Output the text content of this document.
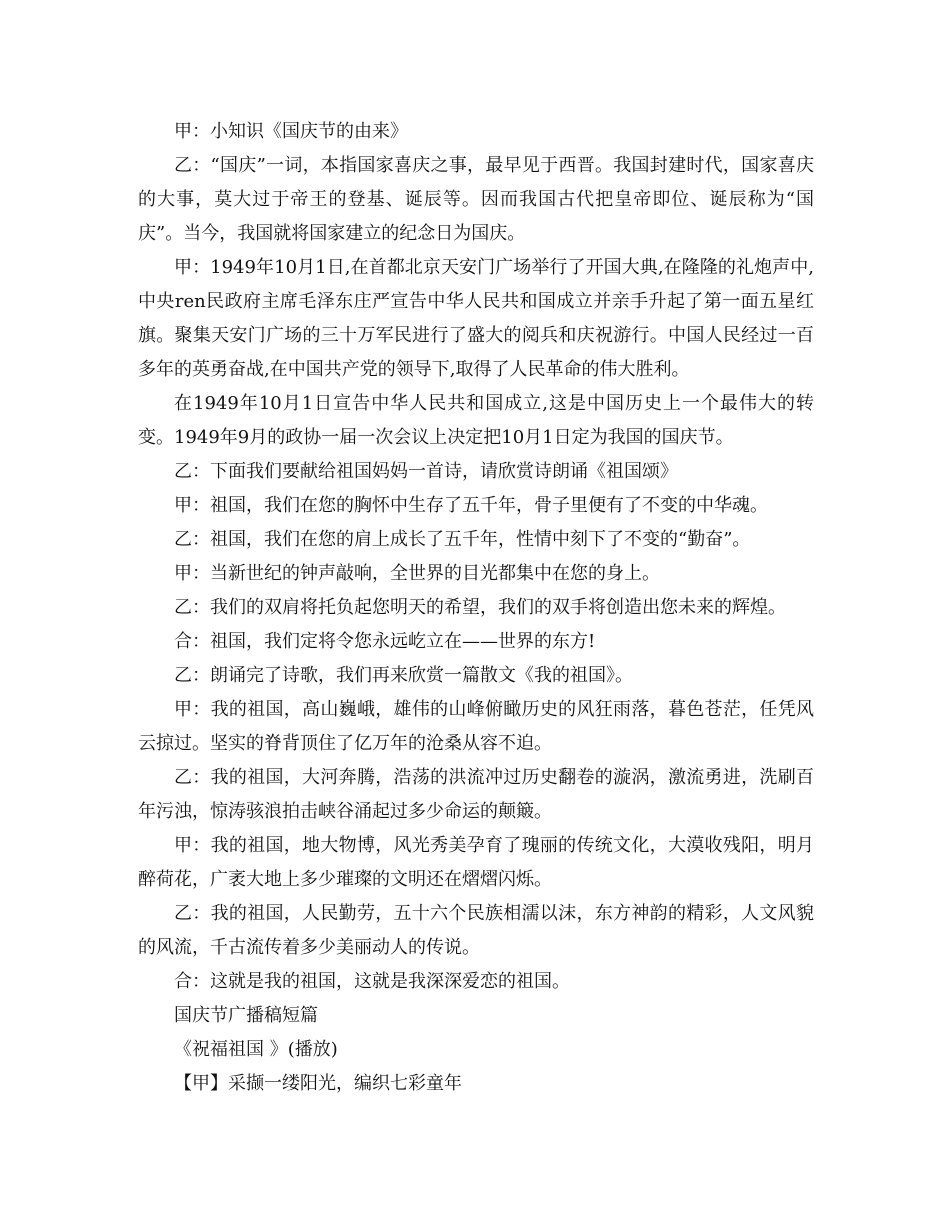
甲：小知识《国庆节的由来》

乙：“国庆”一词，本指国家喜庆之事，最早见于西晋。我国封建时代，国家喜庆的大事，莫大过于帝王的登基、诞辰等。因而我国古代把皇帝即位、诞辰称为“国庆”。当今，我国就将国家建立的纪念日为国庆。

甲：1949年10月1日,在首都北京天安门广场举行了开国大典,在隆隆的礼炮声中,中央ren民政府主席毛泽东庄严宣告中华人民共和国成立并亲手升起了第一面五星红旗。聚集天安门广场的三十万军民进行了盛大的阅兵和庆祝游行。中国人民经过一百多年的英勇奋战,在中国共产党的领导下,取得了人民革命的伟大胜利。

在1949年10月1日宣告中华人民共和国成立,这是中国历史上一个最伟大的转变。1949年9月的政协一届一次会议上决定把10月1日定为我国的国庆节。

乙：下面我们要献给祖国妈妈一首诗，请欣赏诗朗诵《祖国颂》

甲：祖国，我们在您的胸怀中生存了五千年，骨子里便有了不变的中华魂。

乙：祖国，我们在您的肩上成长了五千年，性情中刻下了不变的“勤奋”。

甲：当新世纪的钟声敲响，全世界的目光都集中在您的身上。

乙：我们的双肩将托负起您明天的希望，我们的双手将创造出您未来的辉煌。

合：祖国，我们定将令您永远屹立在——世界的东方!

乙：朗诵完了诗歌，我们再来欣赏一篇散文《我的祖国》。

甲：我的祖国，高山巍峨，雄伟的山峰俯瞰历史的风狂雨落，暮色苍茫，任凭风云掠过。坚实的脊背顶住了亿万年的沧桑从容不迫。

乙：我的祖国，大河奔腾，浩荡的洪流冲过历史翻卷的漩涡，激流勇进，洗刷百年污浊，惊涛骇浪拍击峡谷涌起过多少命运的颠簸。

甲：我的祖国，地大物博，风光秀美孕育了瑰丽的传统文化，大漠收残阳，明月醉荷花，广袤大地上多少璀璨的文明还在熠熠闪烁。

乙：我的祖国，人民勤劳，五十六个民族相濡以沫，东方神韵的精彩，人文风貌的风流，千古流传着多少美丽动人的传说。

合：这就是我的祖国，这就是我深深爱恋的祖国。

国庆节广播稿短篇

《祝福祖国 》(播放)

【甲】采撷一缕阳光，编织七彩童年
